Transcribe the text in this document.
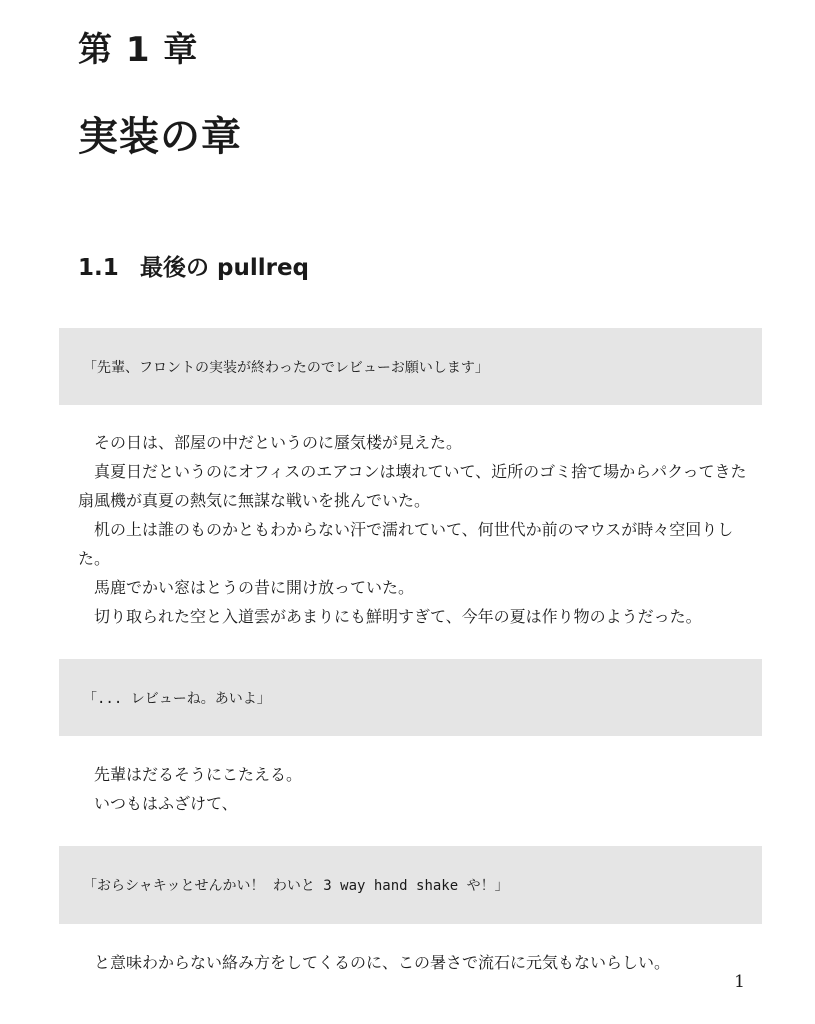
第 1 章
実装の章
1.1 最後の pullreq
「先輩、フロントの実装が終わったのでレビューお願いします」

その日は、部屋の中だというのに蜃気楼が見えた。

真夏日だというのにオフィスのエアコンは壊れていて、近所のゴミ捨て場からパクってきた扇風機が真夏の熱気に無謀な戦いを挑んでいた。

机の上は誰のものかともわからない汗で濡れていて、何世代か前のマウスが時々空回りした。

馬鹿でかい窓はとうの昔に開け放っていた。

切り取られた空と入道雲があまりにも鮮明すぎて、今年の夏は作り物のようだった。

「... レビューね。あいよ」

先輩はだるそうにこたえる。

いつもはふざけて、

「おらシャキッとせんかい！ わいと 3 way hand shake や！」

と意味わからない絡み方をしてくるのに、この暑さで流石に元気もないらしい。

1
